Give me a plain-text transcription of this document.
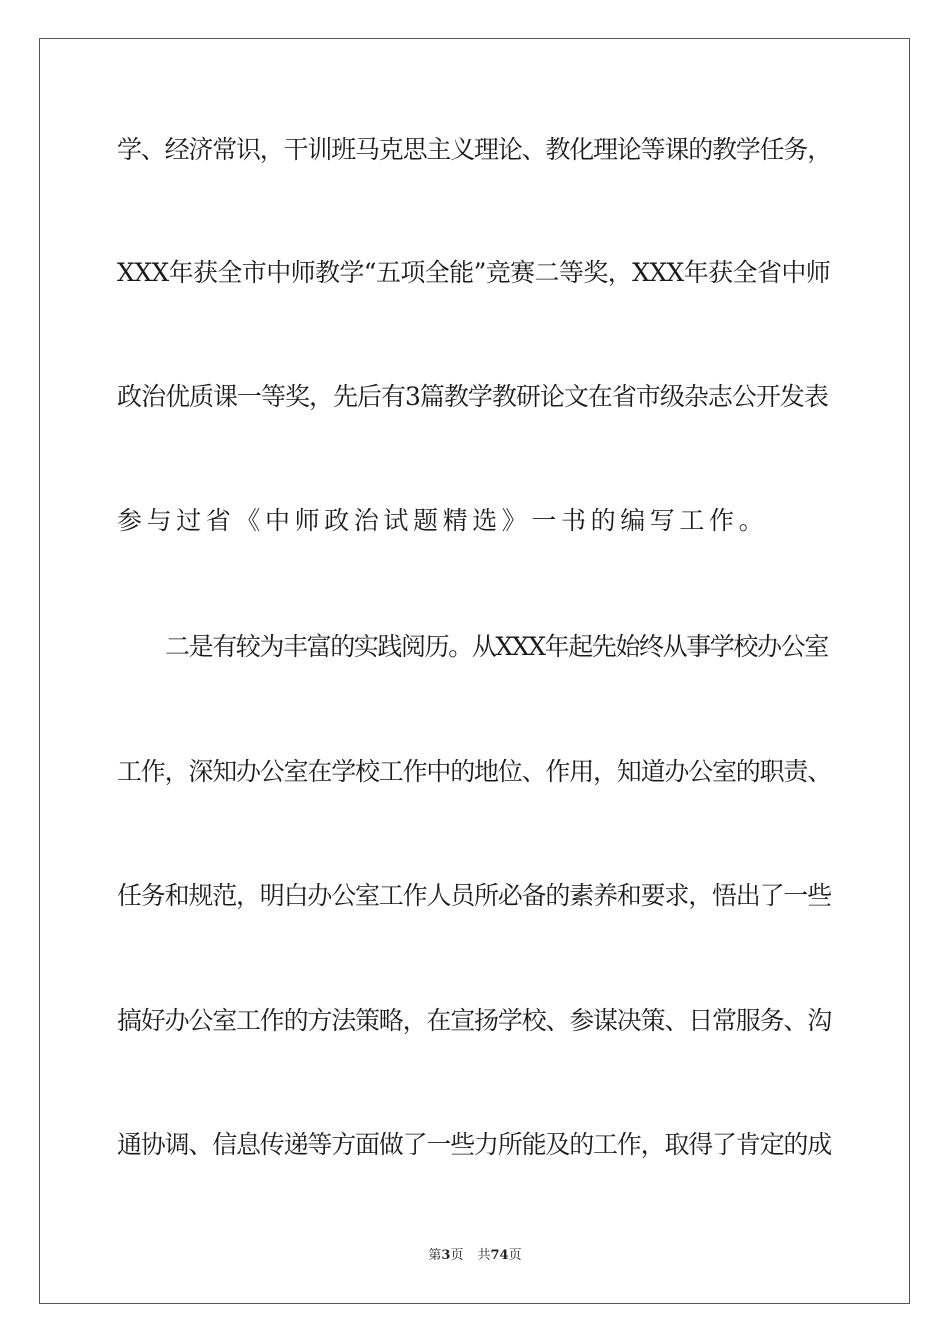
学、经济常识，干训班马克思主义理论、教化理论等课的教学任务，
XXX年获全市中师教学“五项全能”竞赛二等奖，XXX年获全省中师
政治优质课一等奖，先后有3篇教学教研论文在省市级杂志公开发表
参与过省《中师政治试题精选》一书的编写工作。
二是有较为丰富的实践阅历。从XXX年起先始终从事学校办公室
工作，深知办公室在学校工作中的地位、作用，知道办公室的职责、
任务和规范，明白办公室工作人员所必备的素养和要求，悟出了一些
搞好办公室工作的方法策略，在宣扬学校、参谋决策、日常服务、沟
通协调、信息传递等方面做了一些力所能及的工作，取得了肯定的成
第3页 共74页
